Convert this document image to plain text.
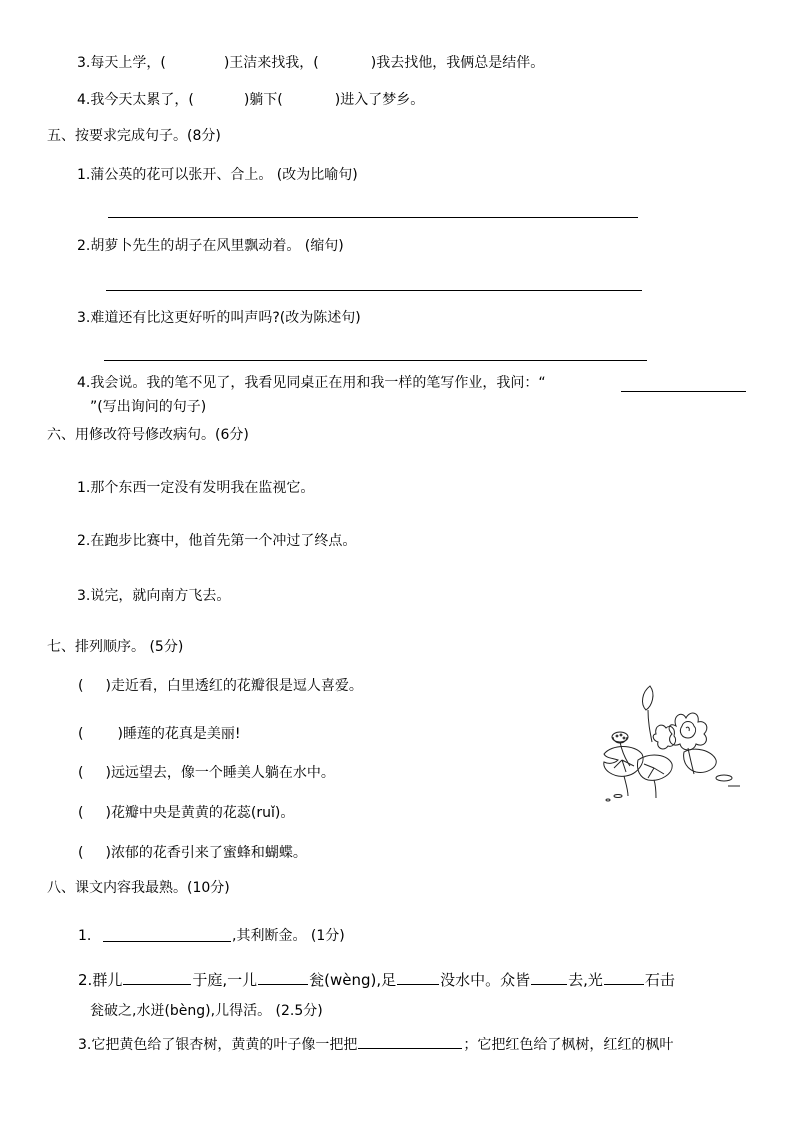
3.每天上学，(	)王洁来找我，(	)我去找他，我俩总是结伴。
4.我今天太累了，(	)躺下(	)进入了梦乡。
五、按要求完成句子。(8分)
1.蒲公英的花可以张开、合上。 (改为比喻句)
2.胡萝卜先生的胡子在风里飘动着。 (缩句)
3.难道还有比这更好听的叫声吗?(改为陈述句)
4.我会说。我的笔不见了，我看见同桌正在用和我一样的笔写作业，我问：“
”(写出询问的句子)
六、用修改符号修改病句。(6分)
1.那个东西一定没有发明我在监视它。
2.在跑步比赛中，他首先第一个冲过了终点。
3.说完，就向南方飞去。
七、排列顺序。 (5分)
( )走近看，白里透红的花瓣很是逗人喜爱。
( )睡莲的花真是美丽!
( )远远望去，像一个睡美人躺在水中。
( )花瓣中央是黄黄的花蕊(ruǐ)。
( )浓郁的花香引来了蜜蜂和蝴蝶。
八、课文内容我最熟。(10分)
1.	,其利断金。 (1分)
2.群儿	于庭,一儿	瓮(wèng),足	没水中。众皆	去,光	石击
瓮破之,水迸(bèng),儿得活。 (2.5分)
3.它把黄色给了银杏树，黄黄的叶子像一把把	；它把红色给了枫树，红红的枫叶
